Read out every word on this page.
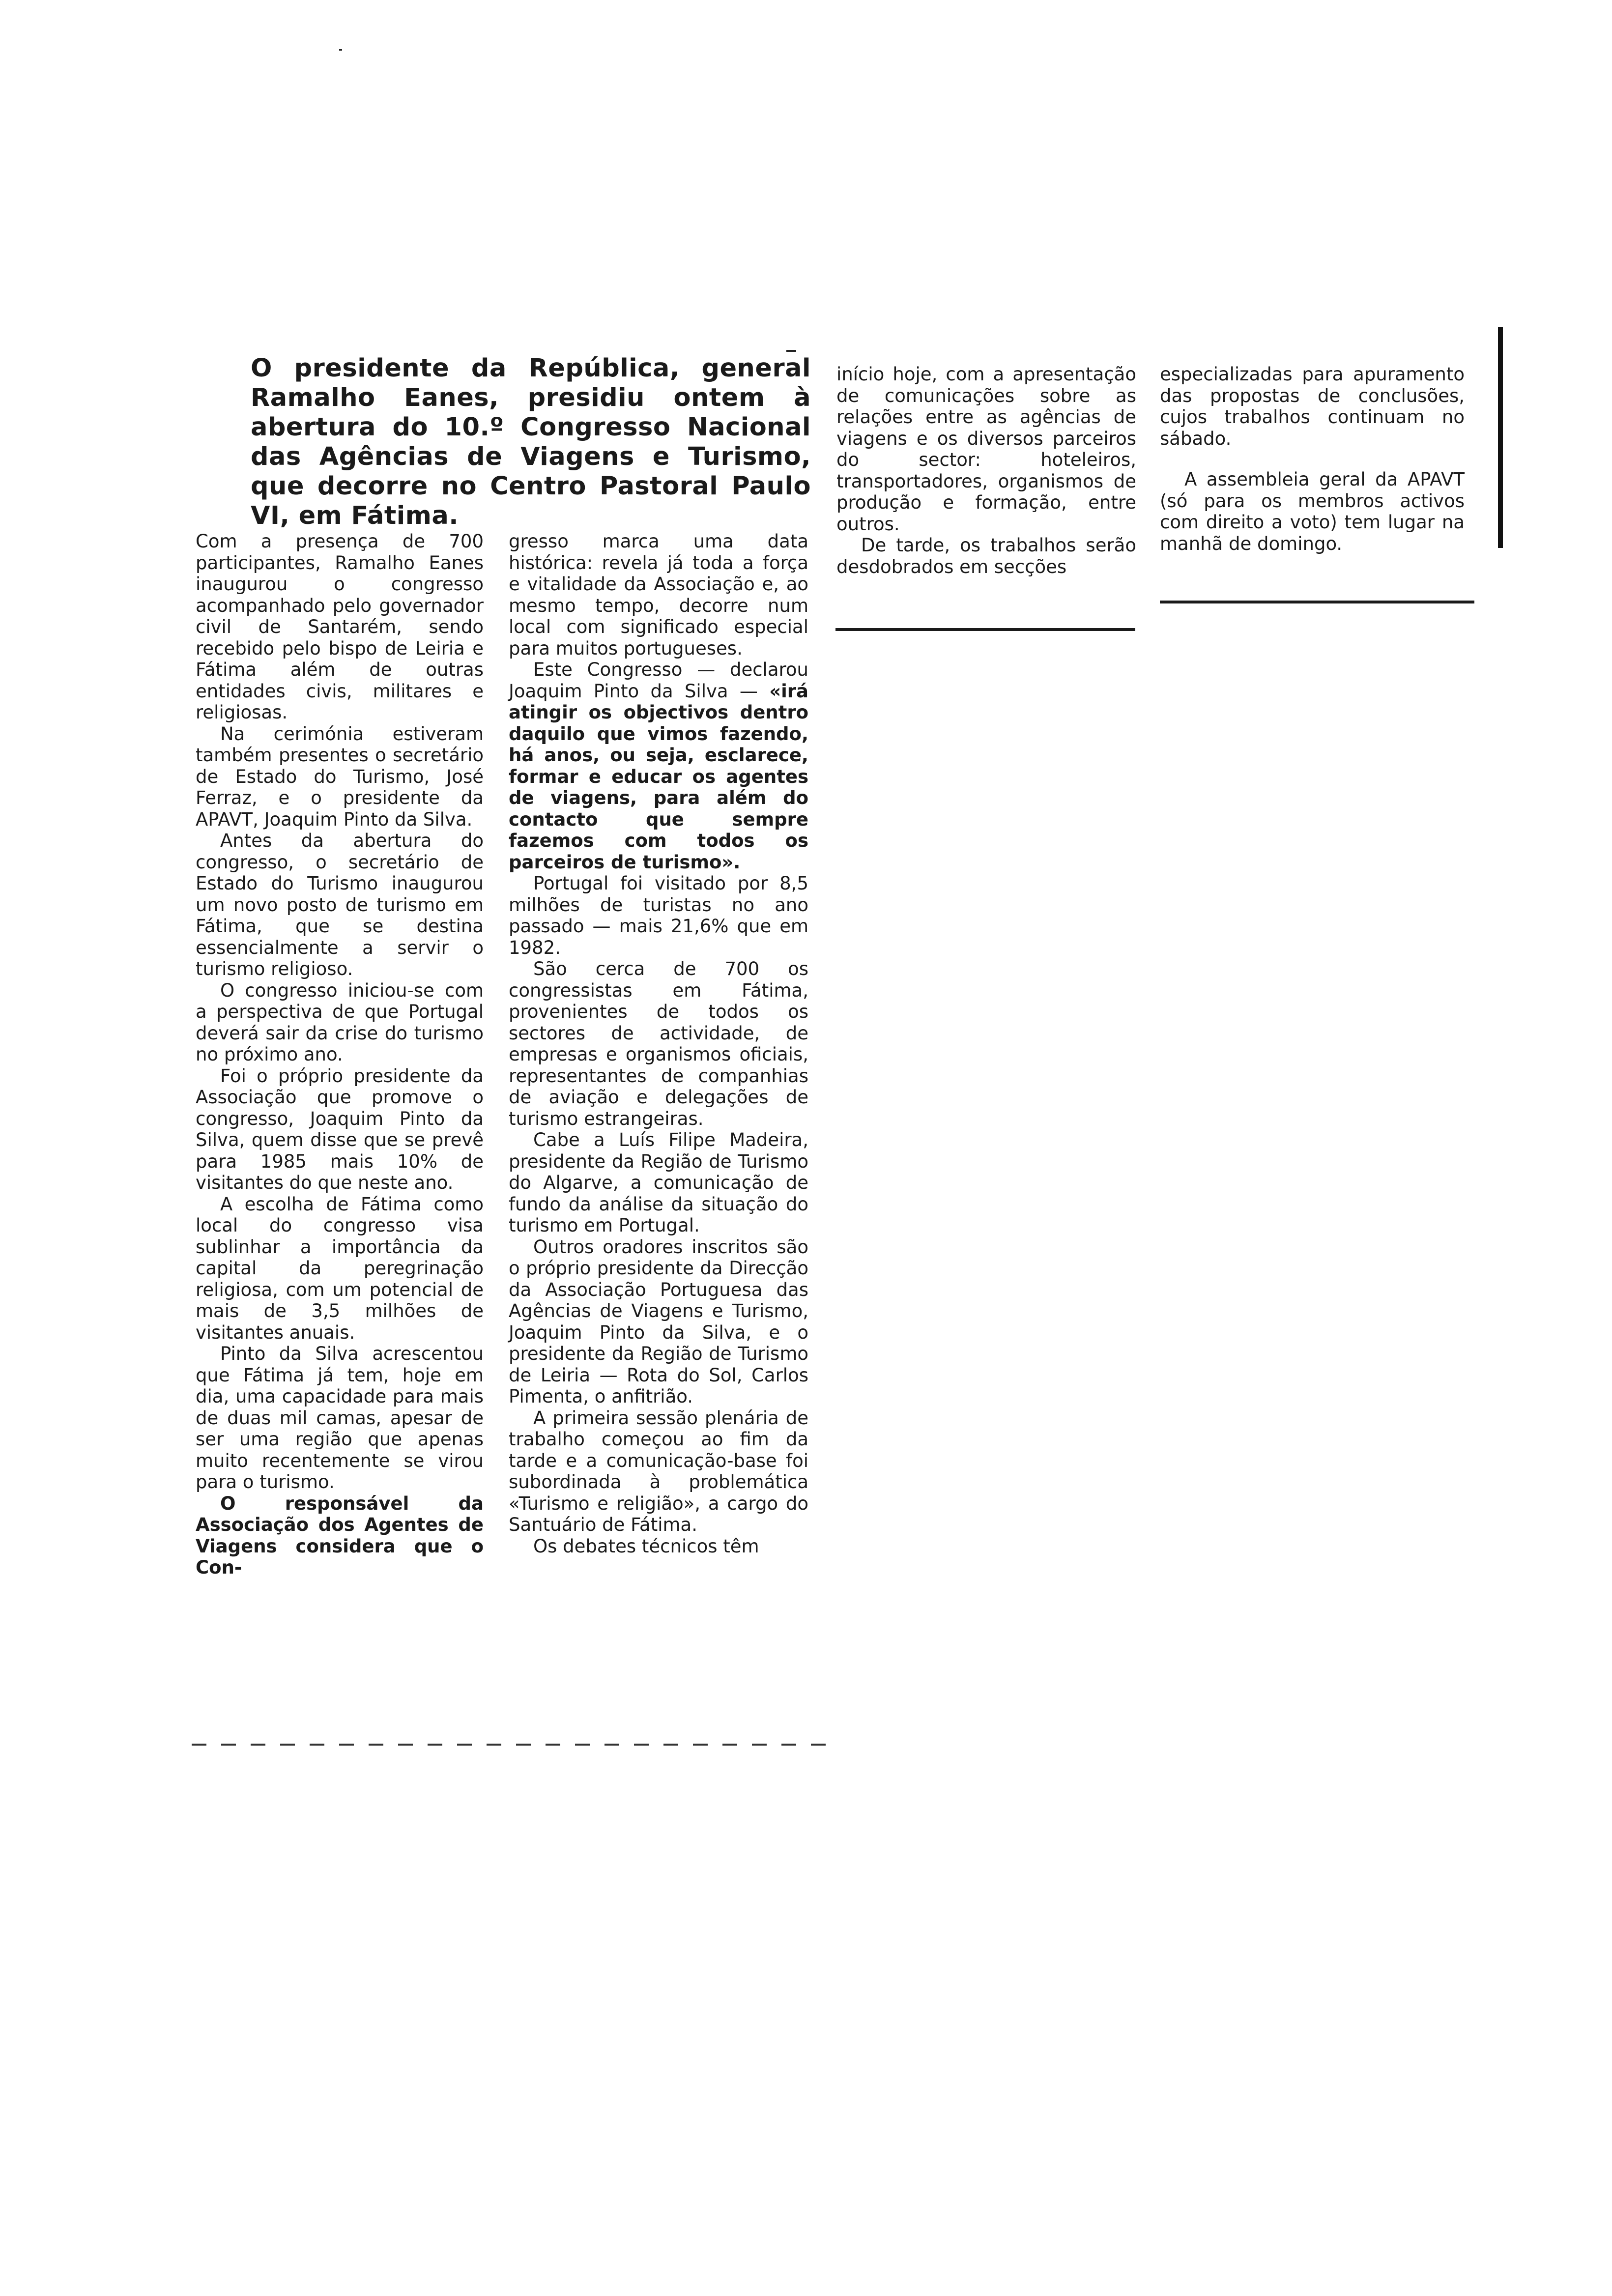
O presidente da República, general Ramalho Eanes, presidiu ontem à abertura do 10.º Congresso Nacional das Agências de Viagens e Turismo, que decorre no Centro Pastoral Paulo VI, em Fátima.

Com a presença de 700 participantes, Ramalho Eanes inaugurou o congresso acompanhado pelo governador civil de Santarém, sendo recebido pelo bispo de Leiria e Fátima além de outras entidades civis, militares e religiosas.

Na cerimónia estiveram também presentes o secretário de Estado do Turismo, José Ferraz, e o presidente da APAVT, Joaquim Pinto da Silva.

Antes da abertura do congresso, o secretário de Estado do Turismo inaugurou um novo posto de turismo em Fátima, que se destina essencialmente a servir o turismo religioso.

O congresso iniciou-se com a perspectiva de que Portugal deverá sair da crise do turismo no próximo ano.

Foi o próprio presidente da Associação que promove o congresso, Joaquim Pinto da Silva, quem disse que se prevê para 1985 mais 10% de visitantes do que neste ano.

A escolha de Fátima como local do congresso visa sublinhar a importância da capital da peregrinação religiosa, com um potencial de mais de 3,5 milhões de visitantes anuais.

Pinto da Silva acrescentou que Fátima já tem, hoje em dia, uma capacidade para mais de duas mil camas, apesar de ser uma região que apenas muito recentemente se virou para o turismo.

O responsável da Associação dos Agentes de Viagens considera que o Con-

gresso marca uma data histórica: revela já toda a força e vitalidade da Associação e, ao mesmo tempo, decorre num local com significado especial para muitos portugueses.

Este Congresso — declarou Joaquim Pinto da Silva — «irá atingir os objectivos dentro daquilo que vimos fazendo, há anos, ou seja, esclarece, formar e educar os agentes de viagens, para além do contacto que sempre fazemos com todos os parceiros de turismo».

Portugal foi visitado por 8,5 milhões de turistas no ano passado — mais 21,6% que em 1982.

São cerca de 700 os congressistas em Fátima, provenientes de todos os sectores de actividade, de empresas e organismos oficiais, representantes de companhias de aviação e delegações de turismo estrangeiras.

Cabe a Luís Filipe Madeira, presidente da Região de Turismo do Algarve, a comunicação de fundo da análise da situação do turismo em Portugal.

Outros oradores inscritos são o próprio presidente da Direcção da Associação Portuguesa das Agências de Viagens e Turismo, Joaquim Pinto da Silva, e o presidente da Região de Turismo de Leiria — Rota do Sol, Carlos Pimenta, o anfitrião.

A primeira sessão plenária de trabalho começou ao fim da tarde e a comunicação-base foi subordinada à problemática «Turismo e religião», a cargo do Santuário de Fátima.

Os debates técnicos têm

início hoje, com a apresentação de comunicações sobre as relações entre as agências de viagens e os diversos parceiros do sector: hoteleiros, transportadores, organismos de produção e formação, entre outros.

De tarde, os trabalhos serão desdobrados em secções

especializadas para apuramento das propostas de conclusões, cujos trabalhos continuam no sábado.

A assembleia geral da APAVT (só para os membros activos com direito a voto) tem lugar na manhã de domingo.
